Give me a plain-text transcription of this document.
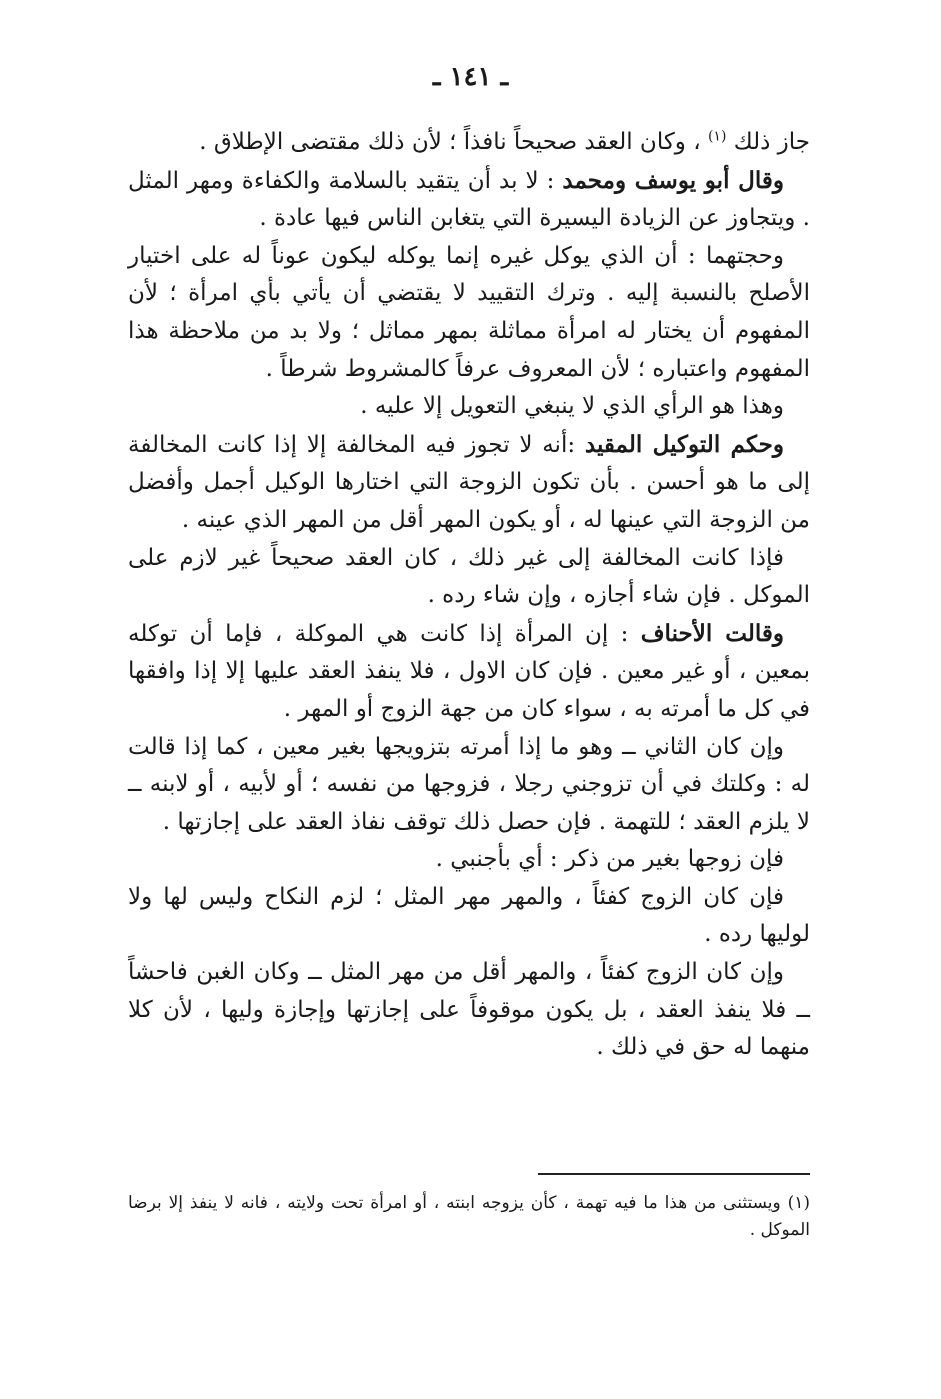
ـ ١٤١ ـ

جاز ذلك $^{(١)}$ ، وكان العقد صحيحاً نافذاً ؛ لأن ذلك مقتضى الإطلاق .

وقال أبو يوسف ومحمد : لا بد أن يتقيد بالسلامة والكفاءة ومهر المثل . ويتجاوز عن الزيادة اليسيرة التي يتغابن الناس فيها عادة .

وحجتهما : أن الذي يوكل غيره إنما يوكله ليكون عوناً له على اختيار الأصلح بالنسبة إليه . وترك التقييد لا يقتضي أن يأتي بأي امرأة ؛ لأن المفهوم أن يختار له امرأة مماثلة بمهر مماثل ؛ ولا بد من ملاحظة هذا المفهوم واعتباره ؛ لأن المعروف عرفاً كالمشروط شرطاً .

وهذا هو الرأي الذي لا ينبغي التعويل إلا عليه .

وحكم التوكيل المقيد :أنه لا تجوز فيه المخالفة إلا إذا كانت المخالفة إلى ما هو أحسن . بأن تكون الزوجة التي اختارها الوكيل أجمل وأفضل من الزوجة التي عينها له ، أو يكون المهر أقل من المهر الذي عينه .

فإذا كانت المخالفة إلى غير ذلك ، كان العقد صحيحاً غير لازم على الموكل . فإن شاء أجازه ، وإن شاء رده .

وقالت الأحناف : إن المرأة إذا كانت هي الموكلة ، فإما أن توكله بمعين ، أو غير معين . فإن كان الاول ، فلا ينفذ العقد عليها إلا إذا وافقها في كل ما أمرته به ، سواء كان من جهة الزوج أو المهر .

وإن كان الثاني ــ وهو ما إذا أمرته بتزويجها بغير معين ، كما إذا قالت له : وكلتك في أن تزوجني رجلا ، فزوجها من نفسه ؛ أو لأبيه ، أو لابنه ــ لا يلزم العقد ؛ للتهمة . فإن حصل ذلك توقف نفاذ العقد على إجازتها .

فإن زوجها بغير من ذكر : أي بأجنبي .

فإن كان الزوج كفئاً ، والمهر مهر المثل ؛ لزم النكاح وليس لها ولا لوليها رده .

وإن كان الزوج كفئاً ، والمهر أقل من مهر المثل ــ وكان الغبن فاحشاً ــ فلا ينفذ العقد ، بل يكون موقوفاً على إجازتها وإجازة وليها ، لأن كلا منهما له حق في ذلك .

(١) ويستثنى من هذا ما فيه تهمة ، كأن يزوجه ابنته ، أو امرأة تحت ولايته ، فانه لا ينفذ إلا برضا الموكل .
